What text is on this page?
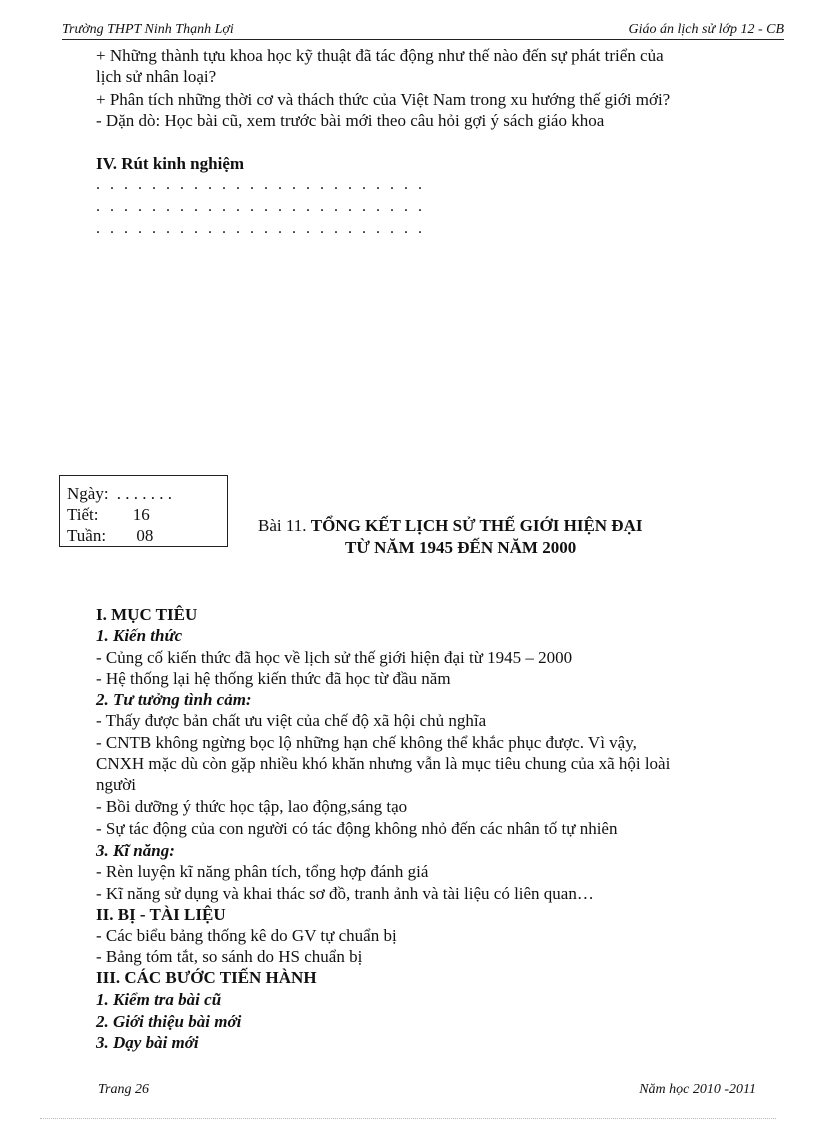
Trường THPT Ninh Thạnh Lợi	Giáo án lịch sử lớp 12 - CB
+ Những thành tựu khoa học kỹ thuật đã tác động như thế nào đến sự phát triển của
lịch sử nhân loại?
+ Phân tích những thời cơ và thách thức của Việt Nam trong xu hướng thế giới mới?
- Dặn dò: Học bài cũ, xem trước bài mới theo câu hỏi gợi ý sách giáo khoa
IV. Rút kinh nghiệm
. . . . . . . . . . . . . . . . . . . . . . . .
. . . . . . . . . . . . . . . . . . . . . . . .
. . . . . . . . . . . . . . . . . . . . . . . .
Ngày: . . . . . . .
Tiết: 16
Tuần: 08
Bài 11. TỔNG KẾT LỊCH SỬ THẾ GIỚI HIỆN ĐẠI
TỪ NĂM 1945 ĐẾN NĂM 2000
I. MỤC TIÊU
1. Kiến thức
- Củng cố kiến thức đã học về lịch sử thế giới hiện đại từ 1945 – 2000
- Hệ thống lại hệ thống kiến thức đã học từ đầu năm
2. Tư tưởng tình cảm:
- Thấy được bản chất ưu việt của chế độ xã hội chủ nghĩa
- CNTB không ngừng bọc lộ những hạn chế không thể khắc phục được. Vì vậy,
CNXH mặc dù còn gặp nhiều khó khăn nhưng vẫn là mục tiêu chung của xã hội loài
người
- Bồi dưỡng ý thức học tập, lao động,sáng tạo
- Sự tác động của con người có tác động không nhỏ đến các nhân tố tự nhiên
3. Kĩ năng:
- Rèn luyện kĩ năng phân tích, tổng hợp đánh giá
- Kĩ năng sử dụng và khai thác sơ đồ, tranh ảnh và tài liệu có liên quan…
II. BỊ - TÀI LIỆU
- Các biểu bảng thống kê do GV tự chuẩn bị
- Bảng tóm tắt, so sánh do HS chuẩn bị
III. CÁC BƯỚC TIẾN HÀNH
1. Kiểm tra bài cũ
2. Giới thiệu bài mới
3. Dạy bài mới
Trang 26	Năm học 2010 -2011
